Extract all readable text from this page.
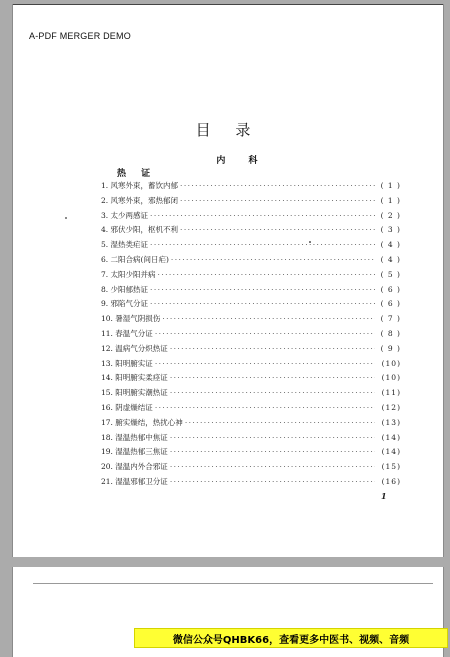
A-PDF MERGER DEMO
目 录
内 科
热 证
1. 风寒外束，蓄饮内郁 ·····	( 1 )
2. 风寒外束，邪热郁闭 ·····	( 1 )
3. 太少两感证 ·····	( 2 )
4. 邪伏少阳，枢机不利 ·····	( 3 )
5. 湿热类疟证 ·····	( 4 )
6. 二阳合病(间日疟) ·····	( 4 )
7. 太阳少阳并病 ·····	( 5 )
8. 少阳郁热证 ·····	( 6 )
9. 邪陷气分证 ·····	( 6 )
10. 暑湿气阴损伤 ·····	( 7 )
11. 春温气分证 ·····	( 8 )
12. 温病气分炽热证 ·····	( 9 )
13. 阳明腑实证 ·····	(10)
14. 阳明腑实柔痉证 ·····	(10)
15. 阳明腑实潮热证 ·····	(11)
16. 阴虚燥结证 ·····	(12)
17. 腑实燥结，热扰心神 ·····	(13)
18. 湿温热郁中焦证 ·····	(14)
19. 湿温热郁三焦证 ·····	(14)
20. 湿温内外合邪证 ·····	(15)
21. 湿温邪郁卫分证 ·····	(16)
1
微信公众号QHBK66，查看更多中医书、视频、音频
